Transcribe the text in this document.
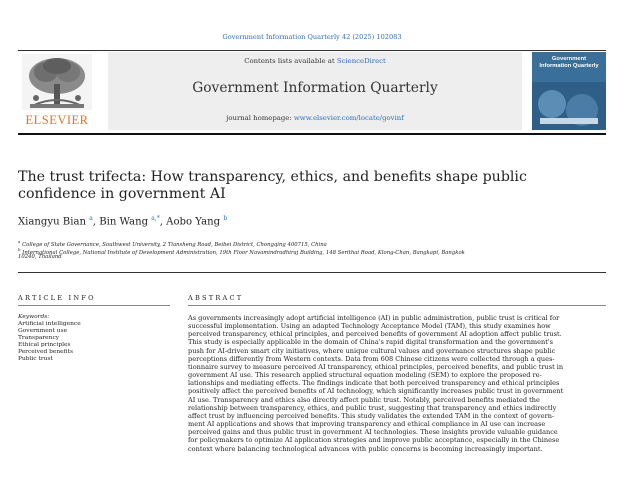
Government Information Quarterly 42 (2025) 102083
ELSEVIER
Contents lists available at ScienceDirect
Government Information Quarterly
journal homepage: www.elsevier.com/locate/govinf
Government Information Quarterly
The trust trifecta: How transparency, ethics, and benefits shape public
confidence in government AI
Xiangyu Bian $^a$, Bin Wang $^{a,*}$, Aobo Yang $^b$
$^a$ College of State Governance, Southwest University, 2 Tiansheng Road, Beibei District, Chongqing 400715, China
$^b$ International College, National Institute of Development Administration, 19th Floor Navamindradhiraj Building, 148 Serithai Road, Klong-Chan, Bangkapi, Bangkok
10240, Thailand
ARTICLE INFO
Keywords:
Artificial intelligence
Government use
Transparency
Ethical principles
Perceived benefits
Public trust
ABSTRACT
As governments increasingly adopt artificial intelligence (AI) in public administration, public trust is critical for
successful implementation. Using an adapted Technology Acceptance Model (TAM), this study examines how
perceived transparency, ethical principles, and perceived benefits of government AI adoption affect public trust.
This study is especially applicable in the domain of China's rapid digital transformation and the government's
push for AI-driven smart city initiatives, where unique cultural values and governance structures shape public
perceptions differently from Western contexts. Data from 608 Chinese citizens were collected through a ques-
tionnaire survey to measure perceived AI transparency, ethical principles, perceived benefits, and public trust in
government AI use. This research applied structural equation modeling (SEM) to explore the proposed re-
lationships and mediating effects. The findings indicate that both perceived transparency and ethical principles
positively affect the perceived benefits of AI technology, which significantly increases public trust in government
AI use. Transparency and ethics also directly affect public trust. Notably, perceived benefits mediated the
relationship between transparency, ethics, and public trust, suggesting that transparency and ethics indirectly
affect trust by influencing perceived benefits. This study validates the extended TAM in the context of govern-
ment AI applications and shows that improving transparency and ethical compliance in AI use can increase
perceived gains and thus public trust in government AI technologies. These insights provide valuable guidance
for policymakers to optimize AI application strategies and improve public acceptance, especially in the Chinese
context where balancing technological advances with public concerns is becoming increasingly important.
